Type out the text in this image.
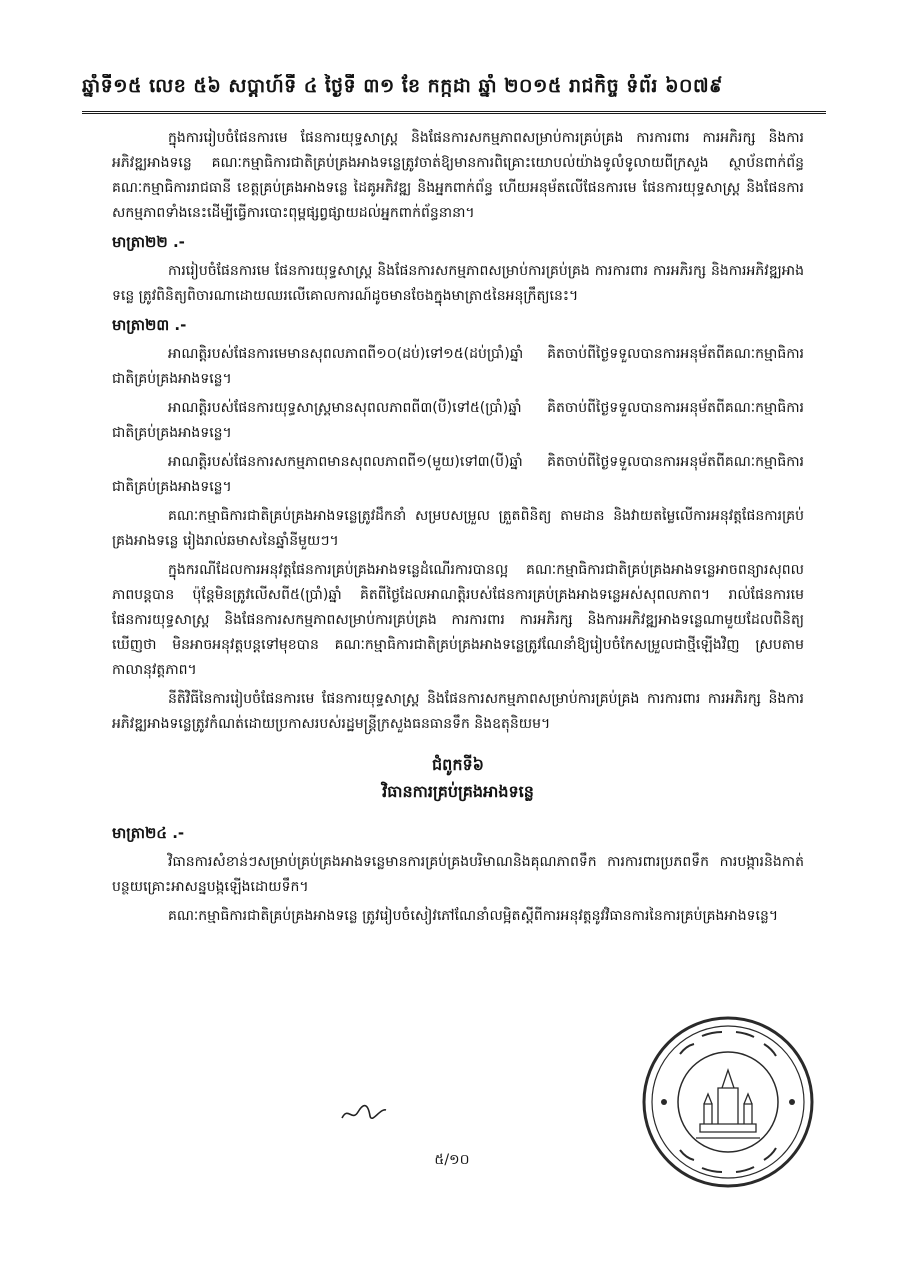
ឆ្នាំទី១៥ លេខ ៥៦ សប្តាហ៍ទី ៤ ថ្ងៃទី ៣១ ខែ កក្កដា ឆ្នាំ ២០១៥ រាជកិច្ច ទំព័រ ៦០៧៩

ក្នុងការរៀបចំផែនការមេ ផែនការយុទ្ធសាស្ត្រ និងផែនការសកម្មភាពសម្រាប់ការគ្រប់គ្រង ការការពារ ការអភិរក្ស និងការអភិវឌ្ឍអាងទន្លេ គណៈកម្មាធិការជាតិគ្រប់គ្រងអាងទន្លេត្រូវចាត់ឱ្យមានការពិគ្រោះយោបល់យ៉ាងទូលំទូលាយពីក្រសួង ស្ថាប័នពាក់ព័ន្ធ គណៈកម្មាធិការរាជធានី ខេត្តគ្រប់គ្រងអាងទន្លេ ដៃគូអភិវឌ្ឍ និងអ្នកពាក់ព័ន្ធ ហើយអនុម័តលើផែនការមេ ផែនការយុទ្ធសាស្ត្រ និងផែនការសកម្មភាពទាំងនេះដើម្បីធ្វើការបោះពុម្ពផ្សព្វផ្សាយដល់អ្នកពាក់ព័ន្ធនានា។

មាត្រា២២ .-

ការរៀបចំផែនការមេ ផែនការយុទ្ធសាស្ត្រ និងផែនការសកម្មភាពសម្រាប់ការគ្រប់គ្រង ការការពារ ការអភិរក្ស និងការអភិវឌ្ឍអាងទន្លេ ត្រូវពិនិត្យពិចារណាដោយឈរលើគោលការណ៍ដូចមានចែងក្នុងមាត្រា៥នៃអនុក្រឹត្យនេះ។

មាត្រា២៣ .-

អាណត្តិរបស់ផែនការមេមានសុពលភាពពី១០(ដប់)ទៅ១៥(ដប់ប្រាំ)ឆ្នាំ គិតចាប់ពីថ្ងៃទទួលបានការអនុម័តពីគណៈកម្មាធិការជាតិគ្រប់គ្រងអាងទន្លេ។

អាណត្តិរបស់ផែនការយុទ្ធសាស្ត្រមានសុពលភាពពី៣(បី)ទៅ៥(ប្រាំ)ឆ្នាំ គិតចាប់ពីថ្ងៃទទួលបានការអនុម័តពីគណៈកម្មាធិការជាតិគ្រប់គ្រងអាងទន្លេ។

អាណត្តិរបស់ផែនការសកម្មភាពមានសុពលភាពពី១(មួយ)ទៅ៣(បី)ឆ្នាំ គិតចាប់ពីថ្ងៃទទួលបានការអនុម័តពីគណៈកម្មាធិការជាតិគ្រប់គ្រងអាងទន្លេ។

គណៈកម្មាធិការជាតិគ្រប់គ្រងអាងទន្លេត្រូវដឹកនាំ សម្របសម្រួល ត្រួតពិនិត្យ តាមដាន និងវាយតម្លៃលើការអនុវត្តផែនការគ្រប់គ្រងអាងទន្លេ រៀងរាល់ឆមាសនៃឆ្នាំនីមួយៗ។

ក្នុងករណីដែលការអនុវត្តផែនការគ្រប់គ្រងអាងទន្លេដំណើរការបានល្អ គណៈកម្មាធិការជាតិគ្រប់គ្រងអាងទន្លេអាចពន្យារសុពលភាពបន្តបាន ប៉ុន្តែមិនត្រូវលើសពី៥(ប្រាំ)ឆ្នាំ គិតពីថ្ងៃដែលអាណត្តិរបស់ផែនការគ្រប់គ្រងអាងទន្លេអស់សុពលភាព។ រាល់ផែនការមេ ផែនការយុទ្ធសាស្ត្រ និងផែនការសកម្មភាពសម្រាប់ការគ្រប់គ្រង ការការពារ ការអភិរក្ស និងការអភិវឌ្ឍអាងទន្លេណាមួយដែលពិនិត្យឃើញថា មិនអាចអនុវត្តបន្តទៅមុខបាន គណៈកម្មាធិការជាតិគ្រប់គ្រងអាងទន្លេត្រូវណែនាំឱ្យរៀបចំកែសម្រួលជាថ្មីឡើងវិញ ស្របតាមកាលានុវត្តភាព។

នីតិវិធីនៃការរៀបចំផែនការមេ ផែនការយុទ្ធសាស្ត្រ និងផែនការសកម្មភាពសម្រាប់ការគ្រប់គ្រង ការការពារ ការអភិរក្ស និងការអភិវឌ្ឍអាងទន្លេត្រូវកំណត់ដោយប្រកាសរបស់រដ្ឋមន្ត្រីក្រសួងធនធានទឹក និងឧតុនិយម។

ជំពូកទី៦
វិធានការគ្រប់គ្រងអាងទន្លេ
មាត្រា២៤ .-

វិធានការសំខាន់ៗសម្រាប់គ្រប់គ្រងអាងទន្លេមានការគ្រប់គ្រងបរិមាណនិងគុណភាពទឹក ការការពារប្រភពទឹក ការបង្ការនិងកាត់បន្ថយគ្រោះអាសន្នបង្កឡើងដោយទឹក។

គណៈកម្មាធិការជាតិគ្រប់គ្រងអាងទន្លេ ត្រូវរៀបចំសៀវភៅណែនាំលម្អិតស្តីពីការអនុវត្តនូវវិធានការនៃការគ្រប់គ្រងអាងទន្លេ។

៥/១០
